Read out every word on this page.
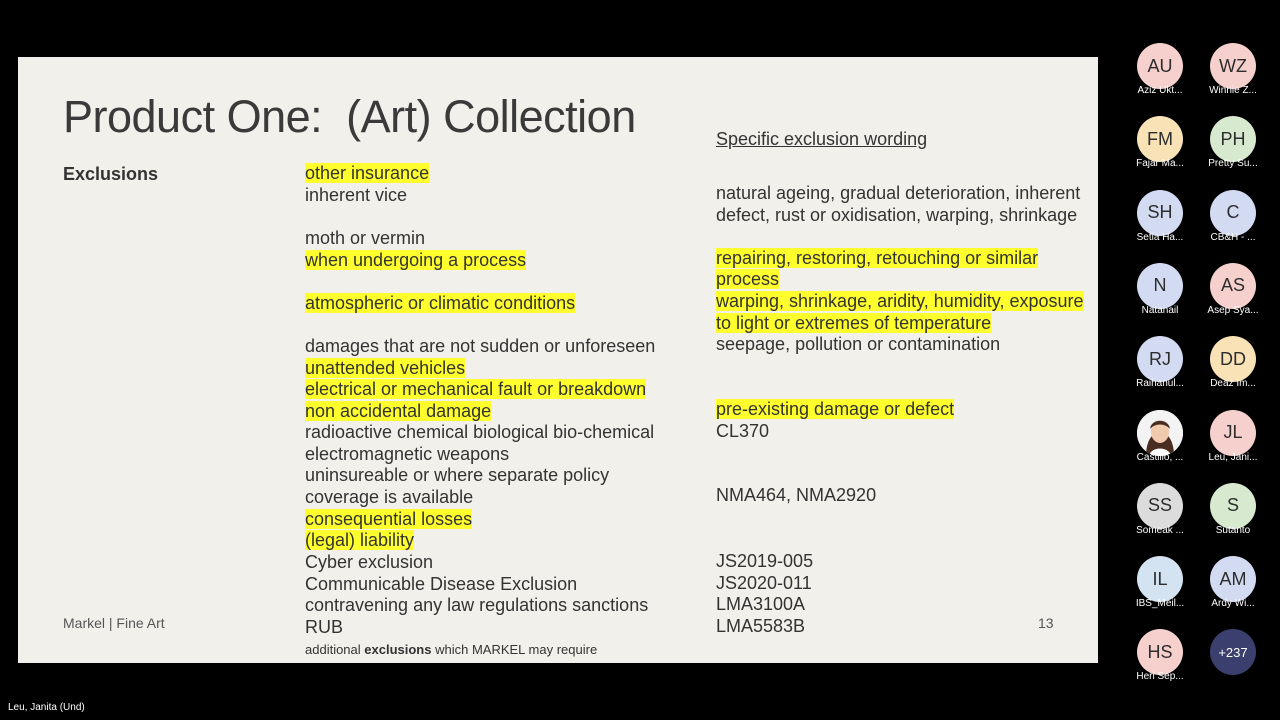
Product One:  (Art) Collection
Exclusions
Specific exclusion wording
other insurance
inherent vice
moth or vermin
when undergoing a process
atmospheric or climatic conditions
damages that are not sudden or unforeseen
unattended vehicles
electrical or mechanical fault or breakdown
non accidental damage
radioactive chemical biological bio-chemical
electromagnetic weapons
uninsureable or where separate policy
coverage is available
consequential losses
(legal) liability
Cyber exclusion
Communicable Disease Exclusion
contravening any law regulations sanctions
RUB
natural ageing, gradual deterioration, inherent
defect, rust or oxidisation, warping, shrinkage
repairing, restoring, retouching or similar
process
warping, shrinkage, aridity, humidity, exposure
to light or extremes of temperature
seepage, pollution or contamination
pre-existing damage or defect
CL370
NMA464, NMA2920
JS2019-005
JS2020-011
LMA3100A
LMA5583B
Markel | Fine Art	13
additional exclusions which MARKEL may require
AU
Aziz Ukt...
WZ
Winnie Z...
FM
Fajar Ma...
PH
Pretty Su...
SH
Setia Ha...
C
CB&H - ...
N
Natanail
AS
Asep Sya...
RJ
Raihanul...
DD
Deaz Im...
Castillo, ...
JL
Leu, Jani...
SS
Someak ...
S
Sutanto
IL
IBS_Meil...
AM
Ardy Wi...
HS
Heri Sep...
+237
Leu, Janita (Und)
